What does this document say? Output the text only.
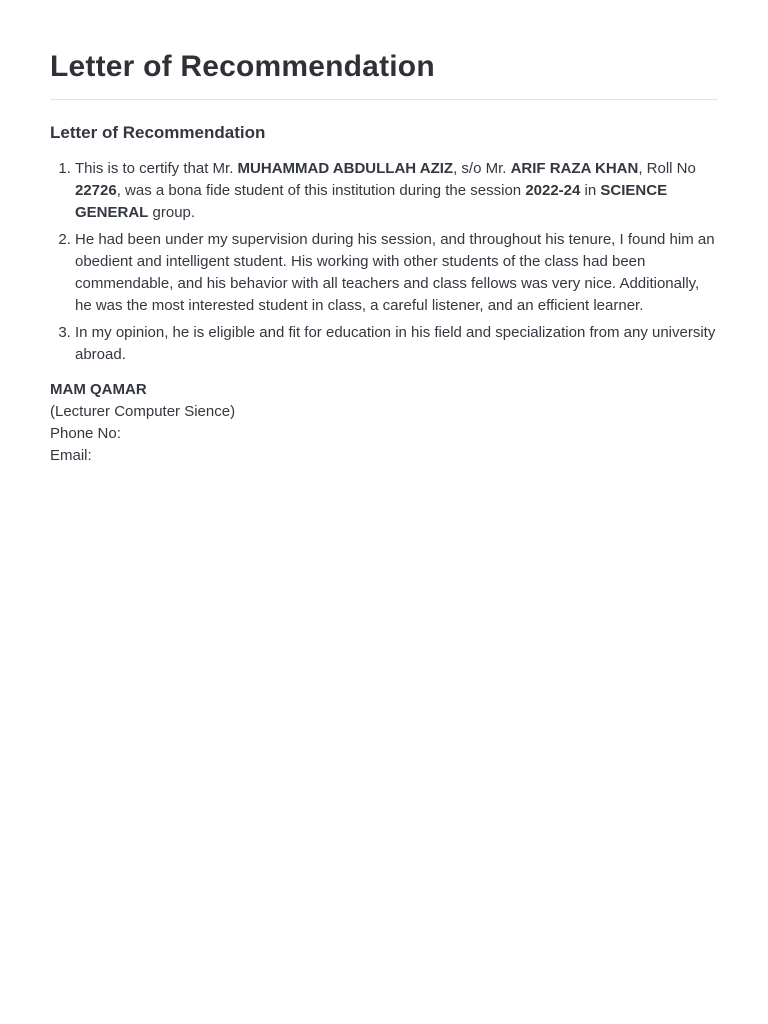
Letter of Recommendation
Letter of Recommendation
1. This is to certify that Mr. MUHAMMAD ABDULLAH AZIZ, s/o Mr. ARIF RAZA KHAN, Roll No 22726, was a bona fide student of this institution during the session 2022-24 in SCIENCE GENERAL group.
2. He had been under my supervision during his session, and throughout his tenure, I found him an obedient and intelligent student. His working with other students of the class had been commendable, and his behavior with all teachers and class fellows was very nice. Additionally, he was the most interested student in class, a careful listener, and an efficient learner.
3. In my opinion, he is eligible and fit for education in his field and specialization from any university abroad.
MAM QAMAR
(Lecturer Computer Sience)
Phone No:
Email:
